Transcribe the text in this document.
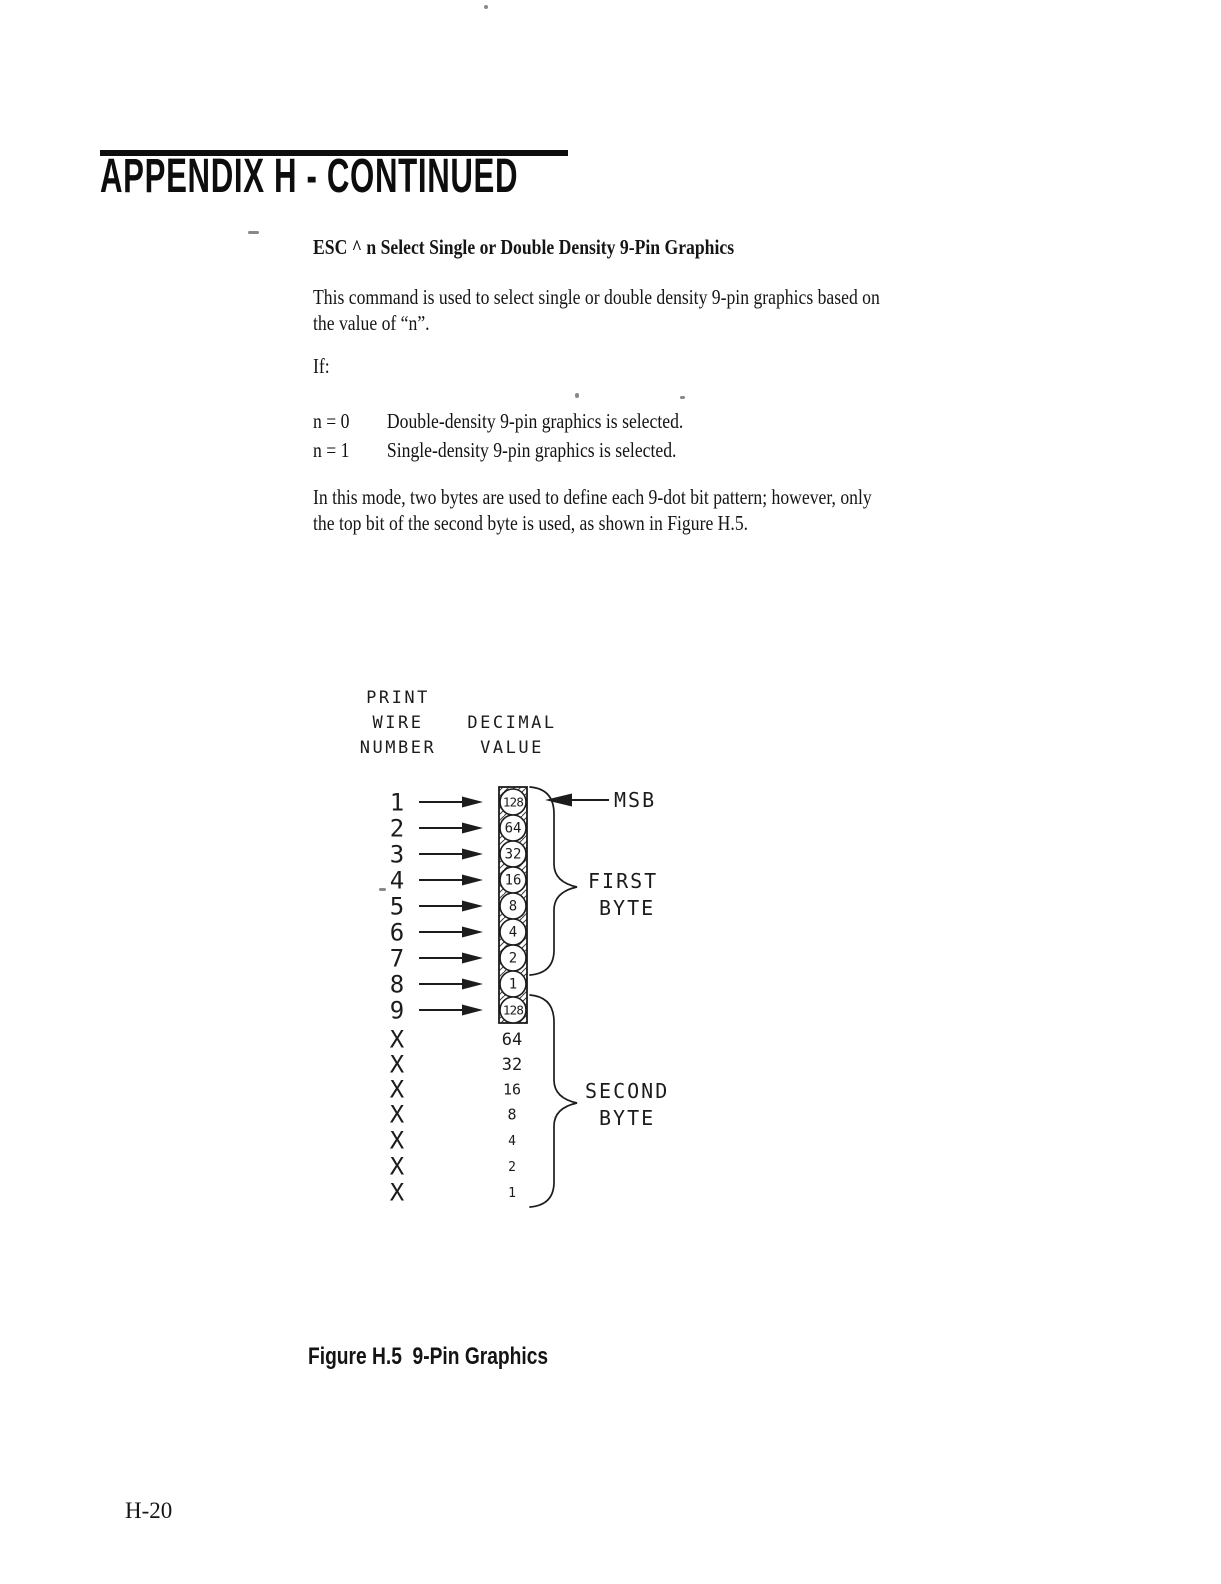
APPENDIX H - CONTINUED
ESC ^ n Select Single or Double Density 9-Pin Graphics
This command is used to select single or double density 9-pin graphics based on
the value of “n”.
If:
n = 0 Double-density 9-pin graphics is selected.
n = 1 Single-density 9-pin graphics is selected.
In this mode, two bytes are used to define each 9-dot bit pattern; however, only
the top bit of the second byte is used, as shown in Figure H.5.
PRINT
WIRE
NUMBER
DECIMAL
VALUE
1	128
2	64
3	32
4	16
5	8
6	4
7	2
8	1
9	128
X	64
X	32
X	16
X	8
X	4
X	2
X	1
MSB
FIRST
BYTE
SECOND
BYTE

Figure H.5  9-Pin Graphics

H-20
